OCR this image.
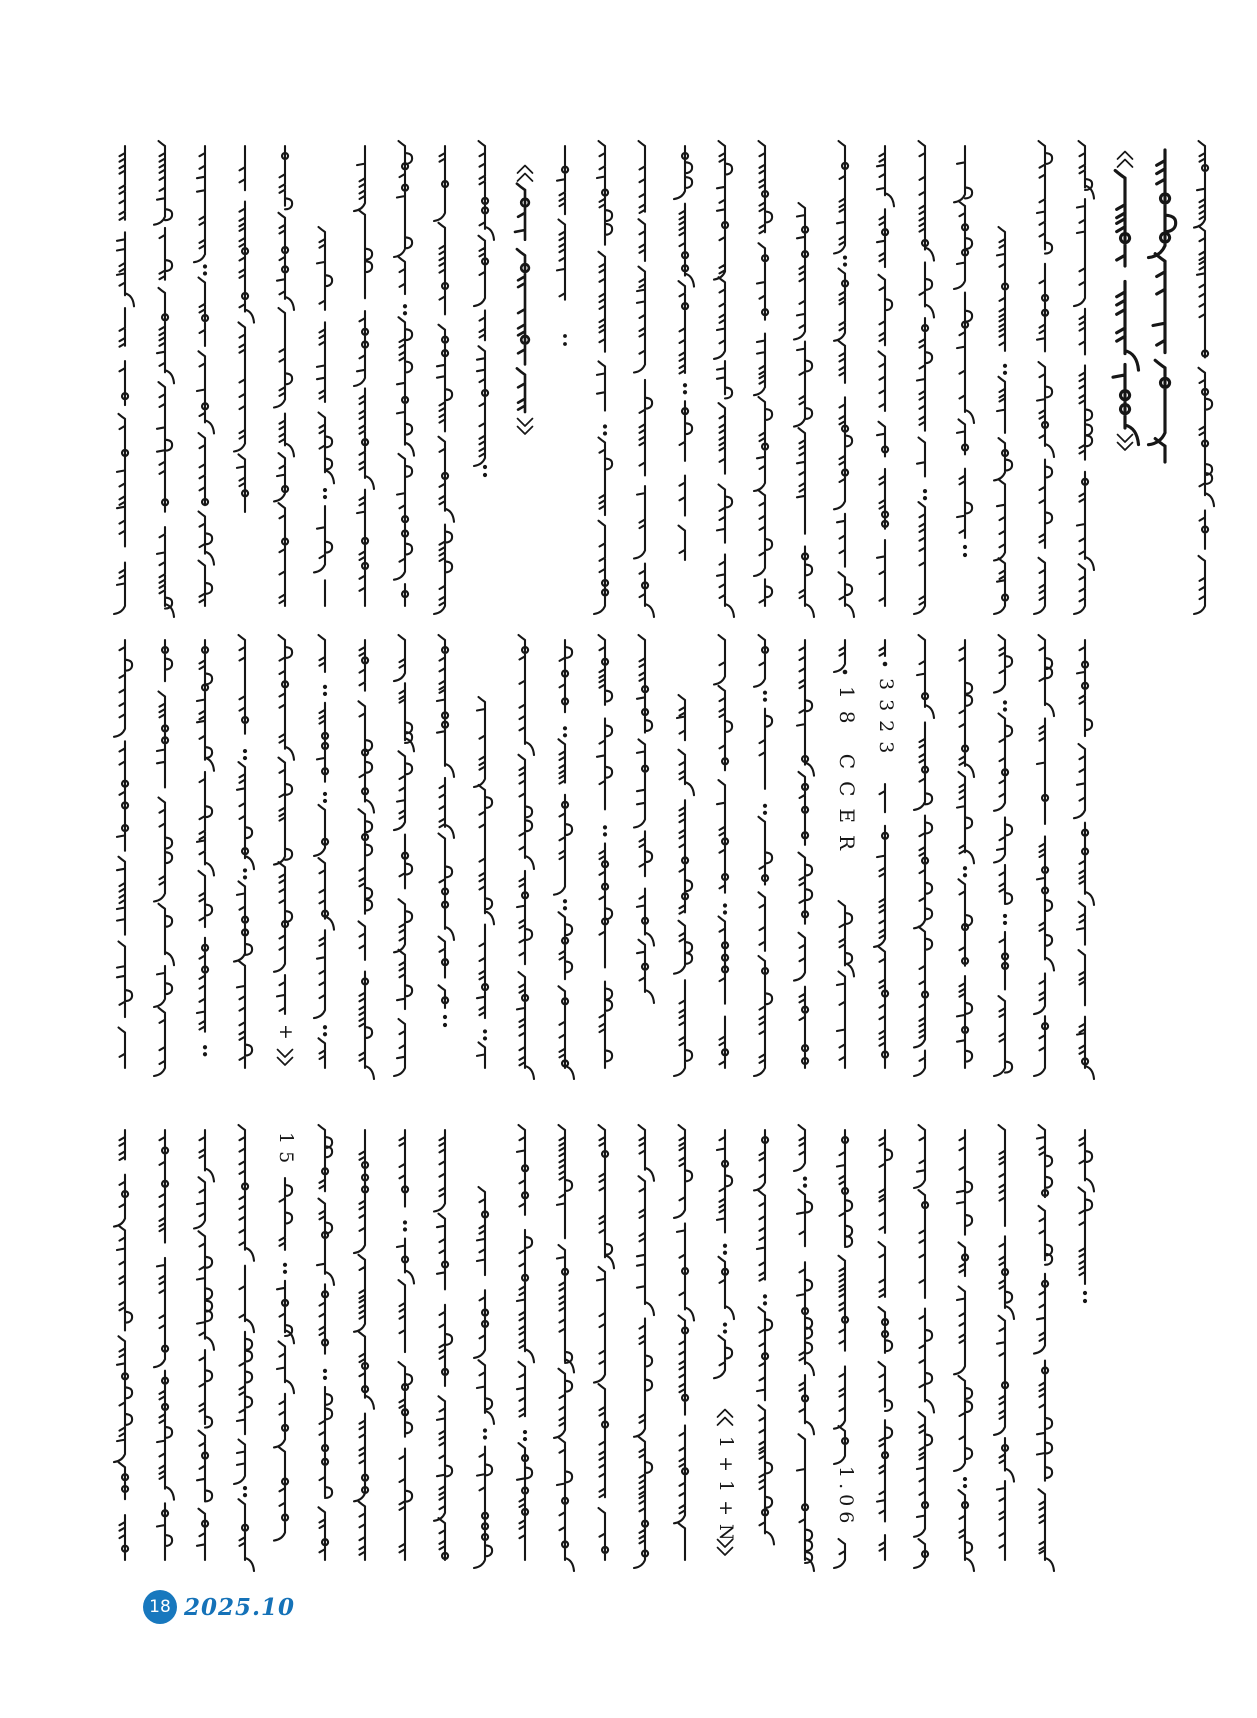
+
18 CCER 3323
15
1+1+N	1.06
18 2025.10
